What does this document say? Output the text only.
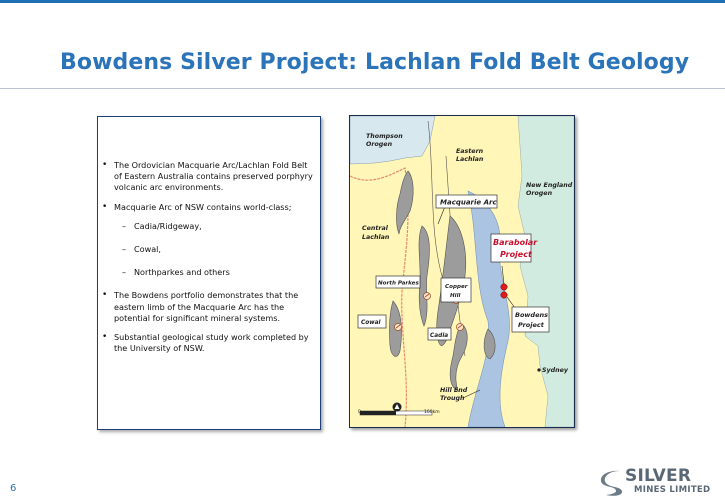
Bowdens Silver Project: Lachlan Fold Belt Geology
• The Ordovician Macquarie Arc/Lachlan Fold Belt of Eastern Australia contains preserved porphyry volcanic arc environments.
• Macquarie Arc of NSW contains world-class;
– Cadia/Ridgeway,
– Cowal,
– Northparkes and others
• The Bowdens portfolio demonstrates that the eastern limb of the Macquarie Arc has the potential for significant mineral systems.
• Substantial geological study work completed by the University of NSW.
Thompson
Orogen
Eastern
Lachlan
New England
Orogen
Central
Lachlan
Hill End
Trough
Sydney
Macquarie Arc
Barabolar
Project
North Parkes
Copper
Hill
Cowal
Cadia
Bowdens
Project
0	160km
6
SILVER
MINES LIMITED
